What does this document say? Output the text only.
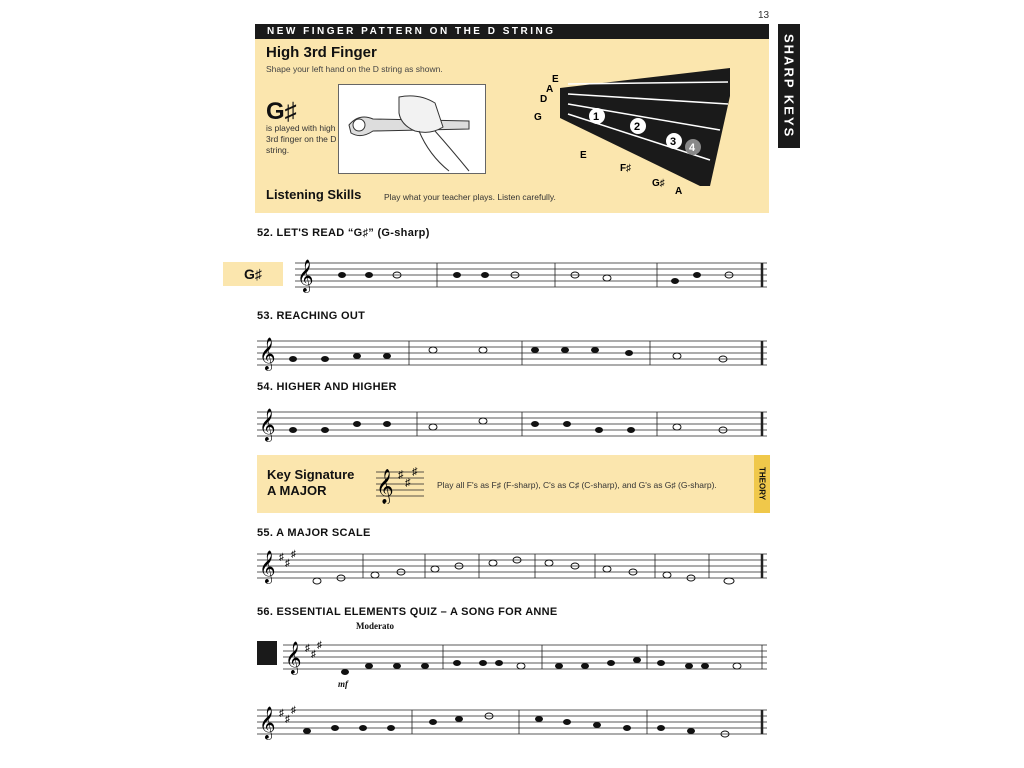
13
NEW FINGER PATTERN ON THE D STRING
SHARP KEYS
High 3rd Finger
Shape your left hand on the D string as shown.
G♯
is played with high 3rd finger on the D string.
Listening Skills	Play what your teacher plays. Listen carefully.
E
A
D
G	1
2
3 4
E
F♯
G♯
A
52. LET'S READ “G♯” (G-sharp)
G♯	𝄞
53. REACHING OUT
𝄞
54. HIGHER AND HIGHER
𝄞
Key Signature
A MAJOR	𝄞 ♯
♯
♯
Play all F's as F♯ (F-sharp), C's as C♯ (C-sharp), and G's as G♯ (G-sharp).	THEORY
55. A MAJOR SCALE
𝄞 ♯
♯
♯
56. ESSENTIAL ELEMENTS QUIZ – A SONG FOR ANNE
Moderato
𝄞 ♯
♯
♯
mf
𝄞 ♯
♯
♯
